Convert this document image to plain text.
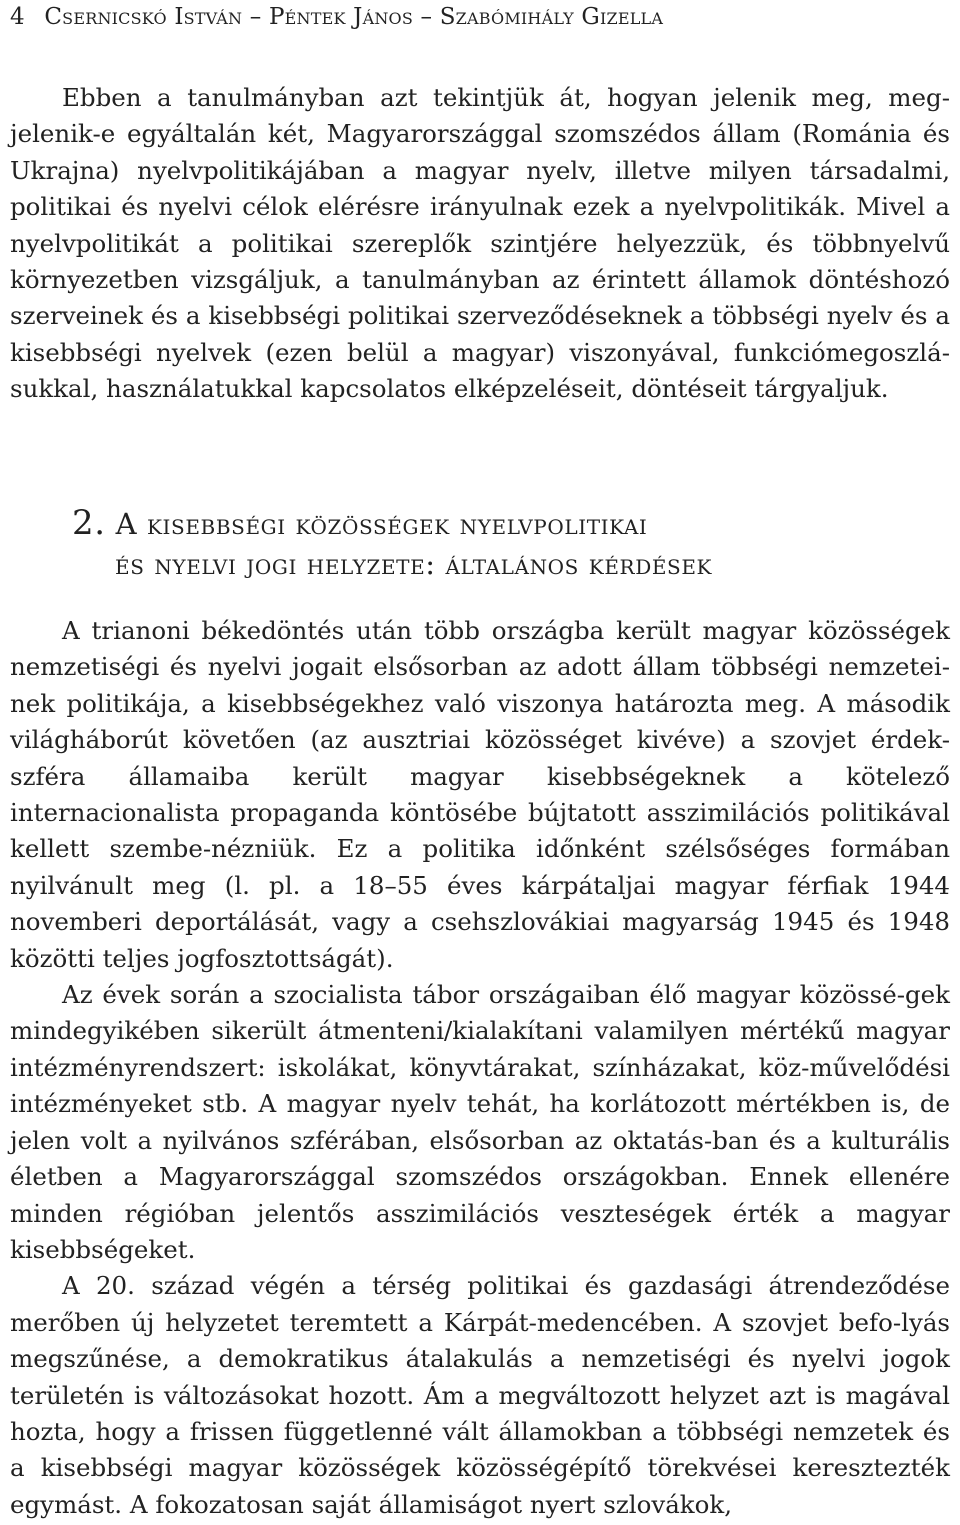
4 Csernicskó István – Péntek János – Szabómihály Gizella

Ebben a tanulmányban azt tekintjük át, hogyan jelenik meg, meg-jelenik-e egyáltalán két, Magyarországgal szomszédos állam (Románia és Ukrajna) nyelvpolitikájában a magyar nyelv, illetve milyen társadalmi, politikai és nyelvi célok elérésre irányulnak ezek a nyelvpolitikák. Mivel a nyelvpolitikát a politikai szereplők szintjére helyezzük, és többnyelvű környezetben vizsgáljuk, a tanulmányban az érintett államok döntéshozó szerveinek és a kisebbségi politikai szerveződéseknek a többségi nyelv és a kisebbségi nyelvek (ezen belül a magyar) viszonyával, funkciómegoszlá-sukkal, használatukkal kapcsolatos elképzeléseit, döntéseit tárgyaljuk.

2. A kisebbségi közösségek nyelvpolitikai
és nyelvi jogi helyzete: általános kérdések

A trianoni békedöntés után több országba került magyar közösségek nemzetiségi és nyelvi jogait elsősorban az adott állam többségi nemzetei-nek politikája, a kisebbségekhez való viszonya határozta meg. A második világháborút követően (az ausztriai közösséget kivéve) a szovjet érdek-szféra államaiba került magyar kisebbségeknek a kötelező internacionalista propaganda köntösébe bújtatott asszimilációs politikával kellett szembe-nézniük. Ez a politika időnként szélsőséges formában nyilvánult meg (l. pl. a 18–55 éves kárpátaljai magyar férfiak 1944 novemberi deportálását, vagy a csehszlovákiai magyarság 1945 és 1948 közötti teljes jogfosztottságát).

Az évek során a szocialista tábor országaiban élő magyar közössé-gek mindegyikében sikerült átmenteni/kialakítani valamilyen mértékű magyar intézményrendszert: iskolákat, könyvtárakat, színházakat, köz-művelődési intézményeket stb. A magyar nyelv tehát, ha korlátozott mértékben is, de jelen volt a nyilvános szférában, elsősorban az oktatás-ban és a kulturális életben a Magyarországgal szomszédos országokban. Ennek ellenére minden régióban jelentős asszimilációs veszteségek érték a magyar kisebbségeket.

A 20. század végén a térség politikai és gazdasági átrendeződése merőben új helyzetet teremtett a Kárpát-medencében. A szovjet befo-lyás megszűnése, a demokratikus átalakulás a nemzetiségi és nyelvi jogok területén is változásokat hozott. Ám a megváltozott helyzet azt is magával hozta, hogy a frissen függetlenné vált államokban a többségi nemzetek és a kisebbségi magyar közösségek közösségépítő törekvései keresztezték egymást. A fokozatosan saját államiságot nyert szlovákok,
